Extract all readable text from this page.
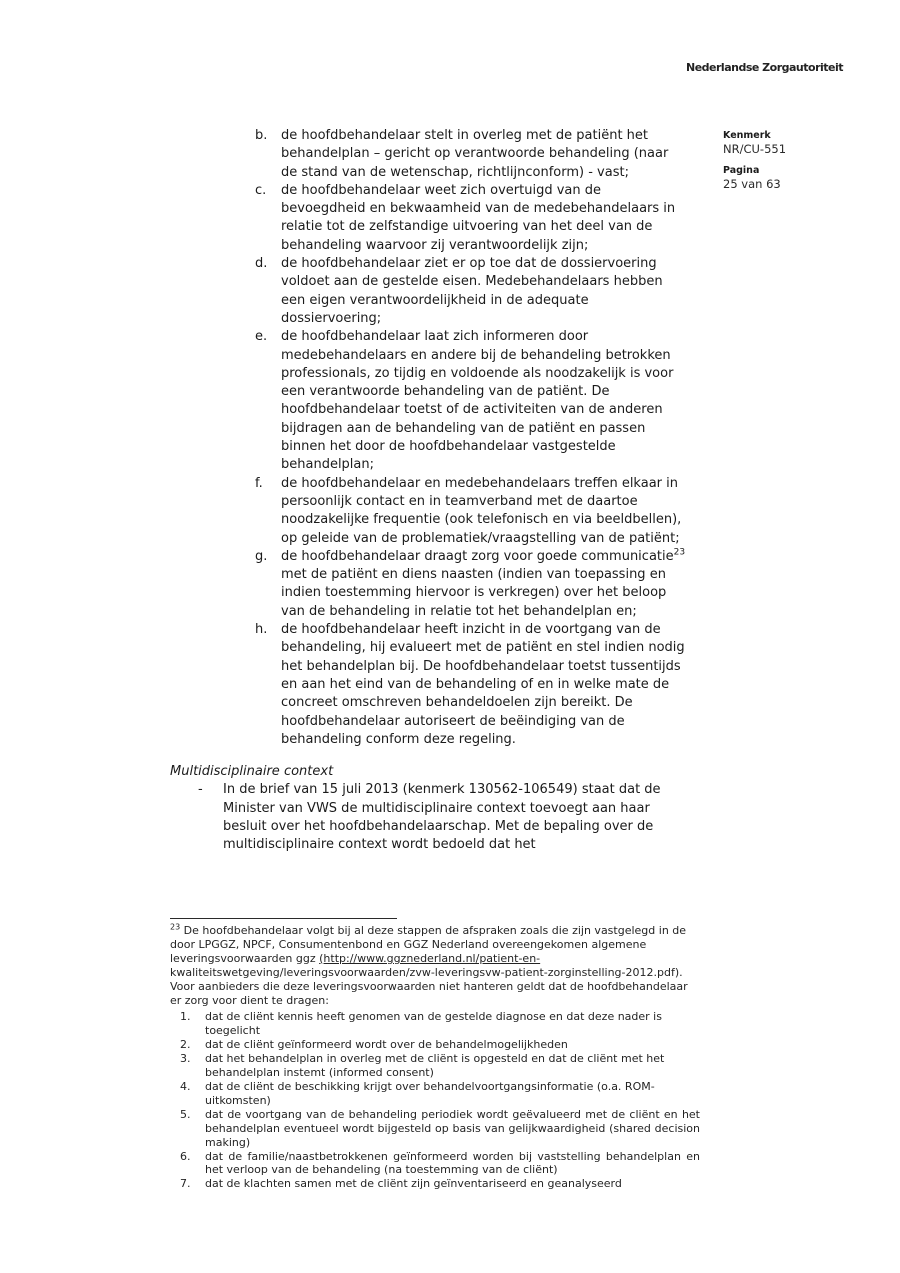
Nederlandse Zorgautoriteit
Kenmerk
NR/CU-551
Pagina
25 van 63
b.	de hoofdbehandelaar stelt in overleg met de patiënt het behandelplan – gericht op verantwoorde behandeling (naar de stand van de wetenschap, richtlijnconform) - vast;
c.	de hoofdbehandelaar weet zich overtuigd van de bevoegdheid en bekwaamheid van de medebehandelaars in relatie tot de zelfstandige uitvoering van het deel van de behandeling waarvoor zij verantwoordelijk zijn;
d.	de hoofdbehandelaar ziet er op toe dat de dossiervoering voldoet aan de gestelde eisen. Medebehandelaars hebben een eigen verantwoordelijkheid in de adequate dossiervoering;
e.	de hoofdbehandelaar laat zich informeren door medebehandelaars en andere bij de behandeling betrokken professionals, zo tijdig en voldoende als noodzakelijk is voor een verantwoorde behandeling van de patiënt. De hoofdbehandelaar toetst of de activiteiten van de anderen bijdragen aan de behandeling van de patiënt en passen binnen het door de hoofdbehandelaar vastgestelde behandelplan;
f.	de hoofdbehandelaar en medebehandelaars treffen elkaar in persoonlijk contact en in teamverband met de daartoe noodzakelijke frequentie (ook telefonisch en via beeldbellen), op geleide van de problematiek/vraagstelling van de patiënt;
g.	de hoofdbehandelaar draagt zorg voor goede communicatie$^{23}$ met de patiënt en diens naasten (indien van toepassing en indien toestemming hiervoor is verkregen) over het beloop van de behandeling in relatie tot het behandelplan en;
h.	de hoofdbehandelaar heeft inzicht in de voortgang van de behandeling, hij evalueert met de patiënt en stel indien nodig het behandelplan bij. De hoofdbehandelaar toetst tussentijds en aan het eind van de behandeling of en in welke mate de concreet omschreven behandeldoelen zijn bereikt. De hoofdbehandelaar autoriseert de beëindiging van de behandeling conform deze regeling.
Multidisciplinaire context
-	In de brief van 15 juli 2013 (kenmerk 130562-106549) staat dat de Minister van VWS de multidisciplinaire context toevoegt aan haar besluit over het hoofdbehandelaarschap. Met de bepaling over de multidisciplinaire context wordt bedoeld dat het
$^{23}$ De hoofdbehandelaar volgt bij al deze stappen de afspraken zoals die zijn vastgelegd in de door LPGGZ, NPCF, Consumentenbond en GGZ Nederland overeengekomen algemene leveringsvoorwaarden ggz (http://www.ggznederland.nl/patient-en-kwaliteitswetgeving/leveringsvoorwaarden/zvw-leveringsvw-patient-zorginstelling-2012.pdf). Voor aanbieders die deze leveringsvoorwaarden niet hanteren geldt dat de hoofdbehandelaar er zorg voor dient te dragen:
1.	dat de cliënt kennis heeft genomen van de gestelde diagnose en dat deze nader is toegelicht
2.	dat de cliënt geïnformeerd wordt over de behandelmogelijkheden
3.	dat het behandelplan in overleg met de cliënt is opgesteld en dat de cliënt met het behandelplan instemt (informed consent)
4.	dat de cliënt de beschikking krijgt over behandelvoortgangsinformatie (o.a. ROM-uitkomsten)
5.	dat de voortgang van de behandeling periodiek wordt geëvalueerd met de cliënt en het behandelplan eventueel wordt bijgesteld op basis van gelijkwaardigheid (shared decision making)
6.	dat de familie/naastbetrokkenen geïnformeerd worden bij vaststelling behandelplan en het verloop van de behandeling (na toestemming van de cliënt)
7.	dat de klachten samen met de cliënt zijn geïnventariseerd en geanalyseerd
